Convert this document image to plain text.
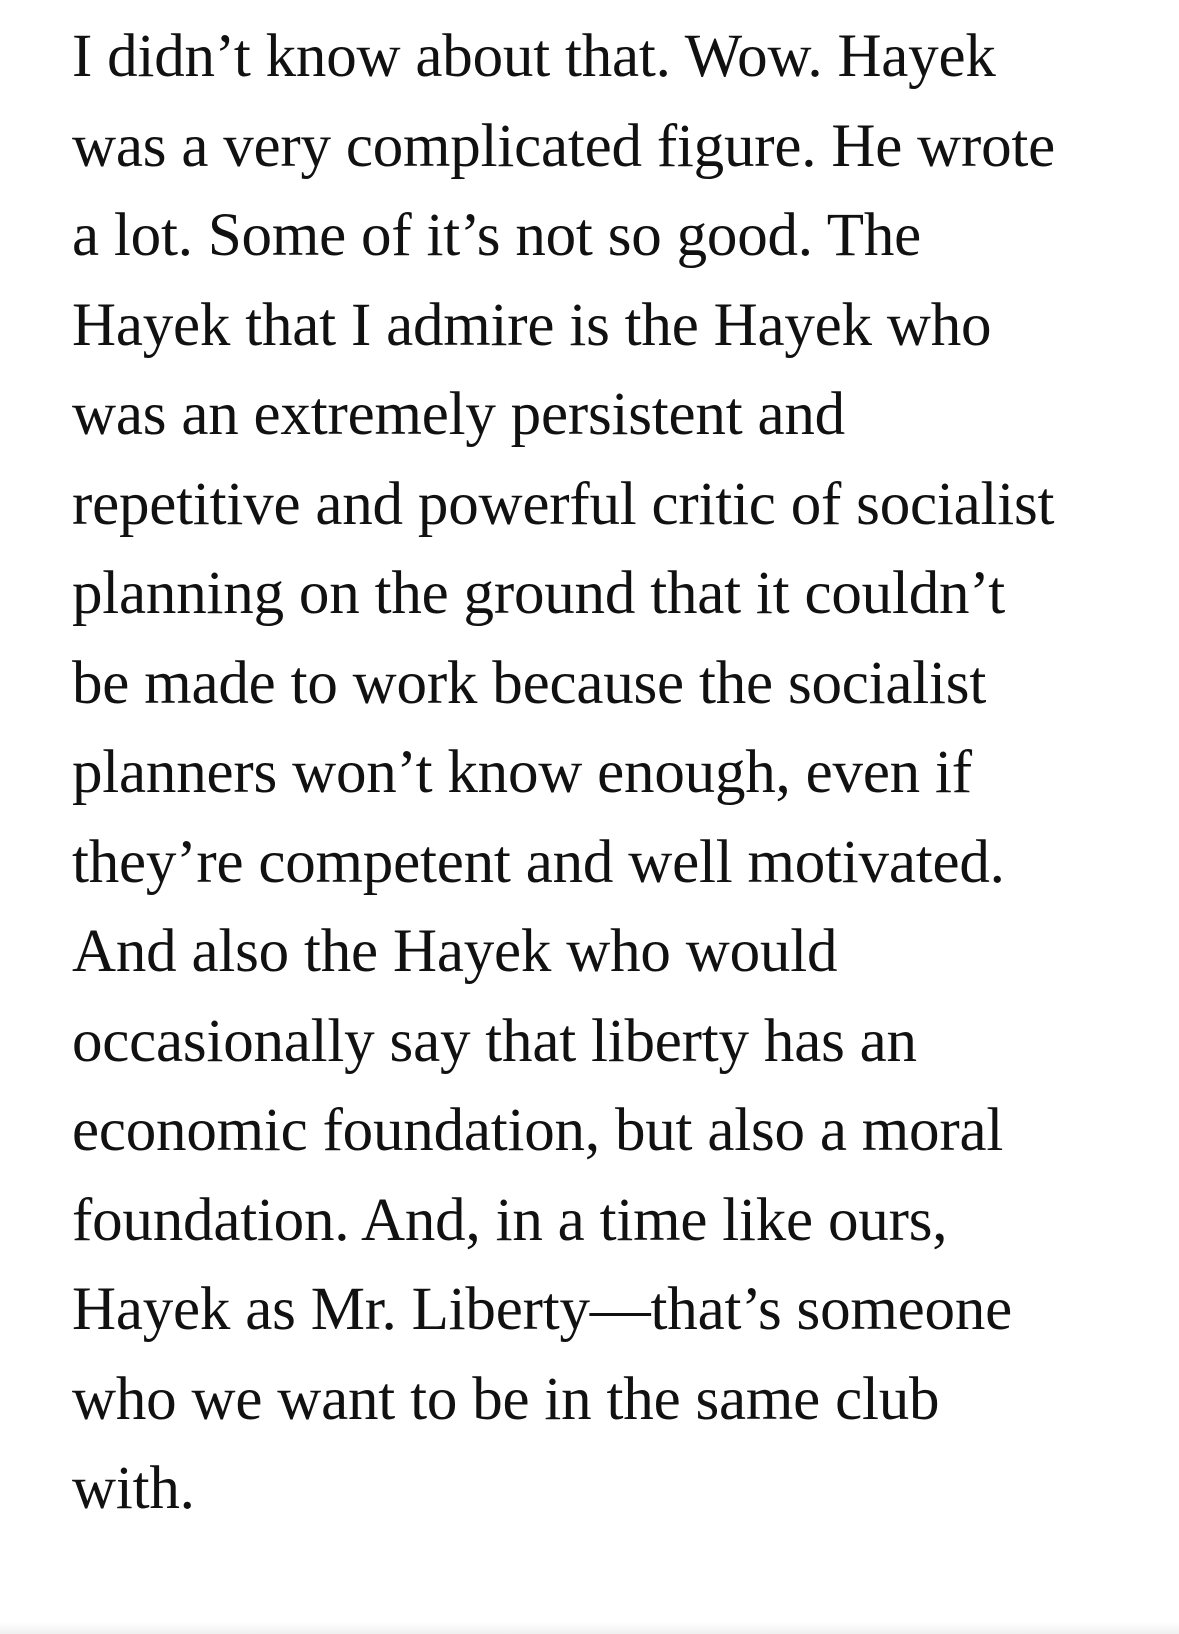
I didn’t know about that. Wow. Hayek
was a very complicated figure. He wrote
a lot. Some of it’s not so good. The
Hayek that I admire is the Hayek who
was an extremely persistent and
repetitive and powerful critic of socialist
planning on the ground that it couldn’t
be made to work because the socialist
planners won’t know enough, even if
they’re competent and well motivated.
And also the Hayek who would
occasionally say that liberty has an
economic foundation, but also a moral
foundation. And, in a time like ours,
Hayek as Mr. Liberty—that’s someone
who we want to be in the same club
with.
